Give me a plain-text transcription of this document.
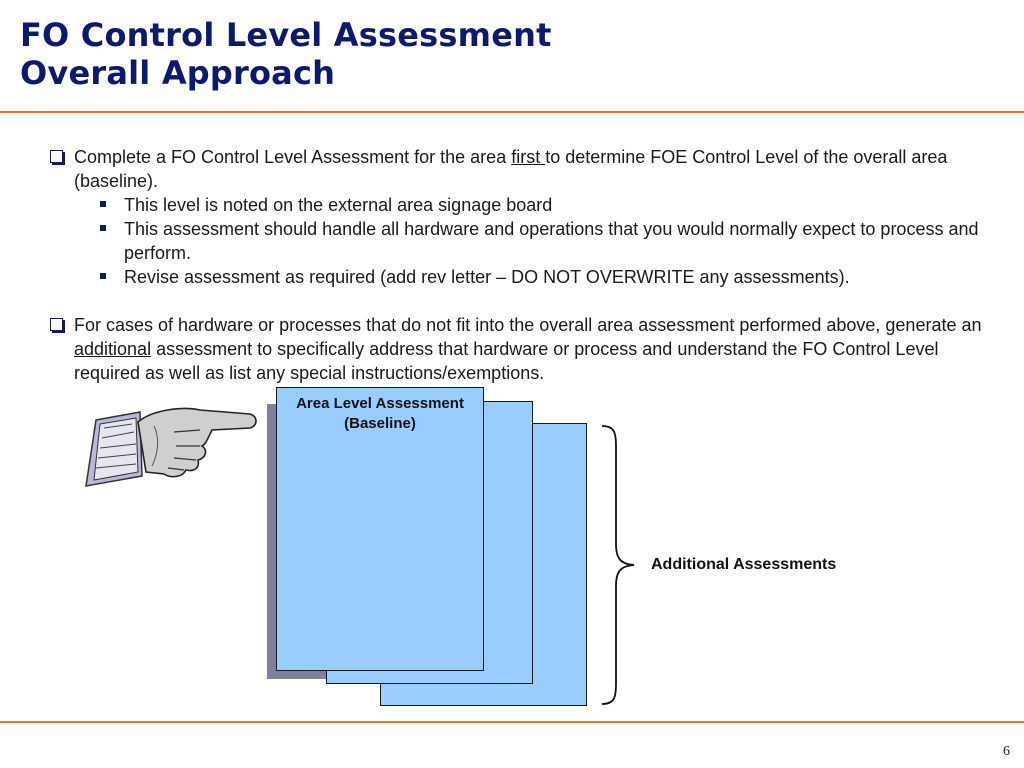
FO Control Level Assessment
Overall Approach
Complete a FO Control Level Assessment for the area first to determine FOE Control Level of the overall area (baseline).
This level is noted on the external area signage board
This assessment should handle all hardware and operations that you would normally expect to process and perform.
Revise assessment as required (add rev letter – DO NOT OVERWRITE any assessments).
For cases of hardware or processes that do not fit into the overall area assessment performed above, generate an additional assessment to specifically address that hardware or process and understand the FO Control Level required as well as list any special instructions/exemptions.
Area Level Assessment (Baseline)
Additional Assessments
6
